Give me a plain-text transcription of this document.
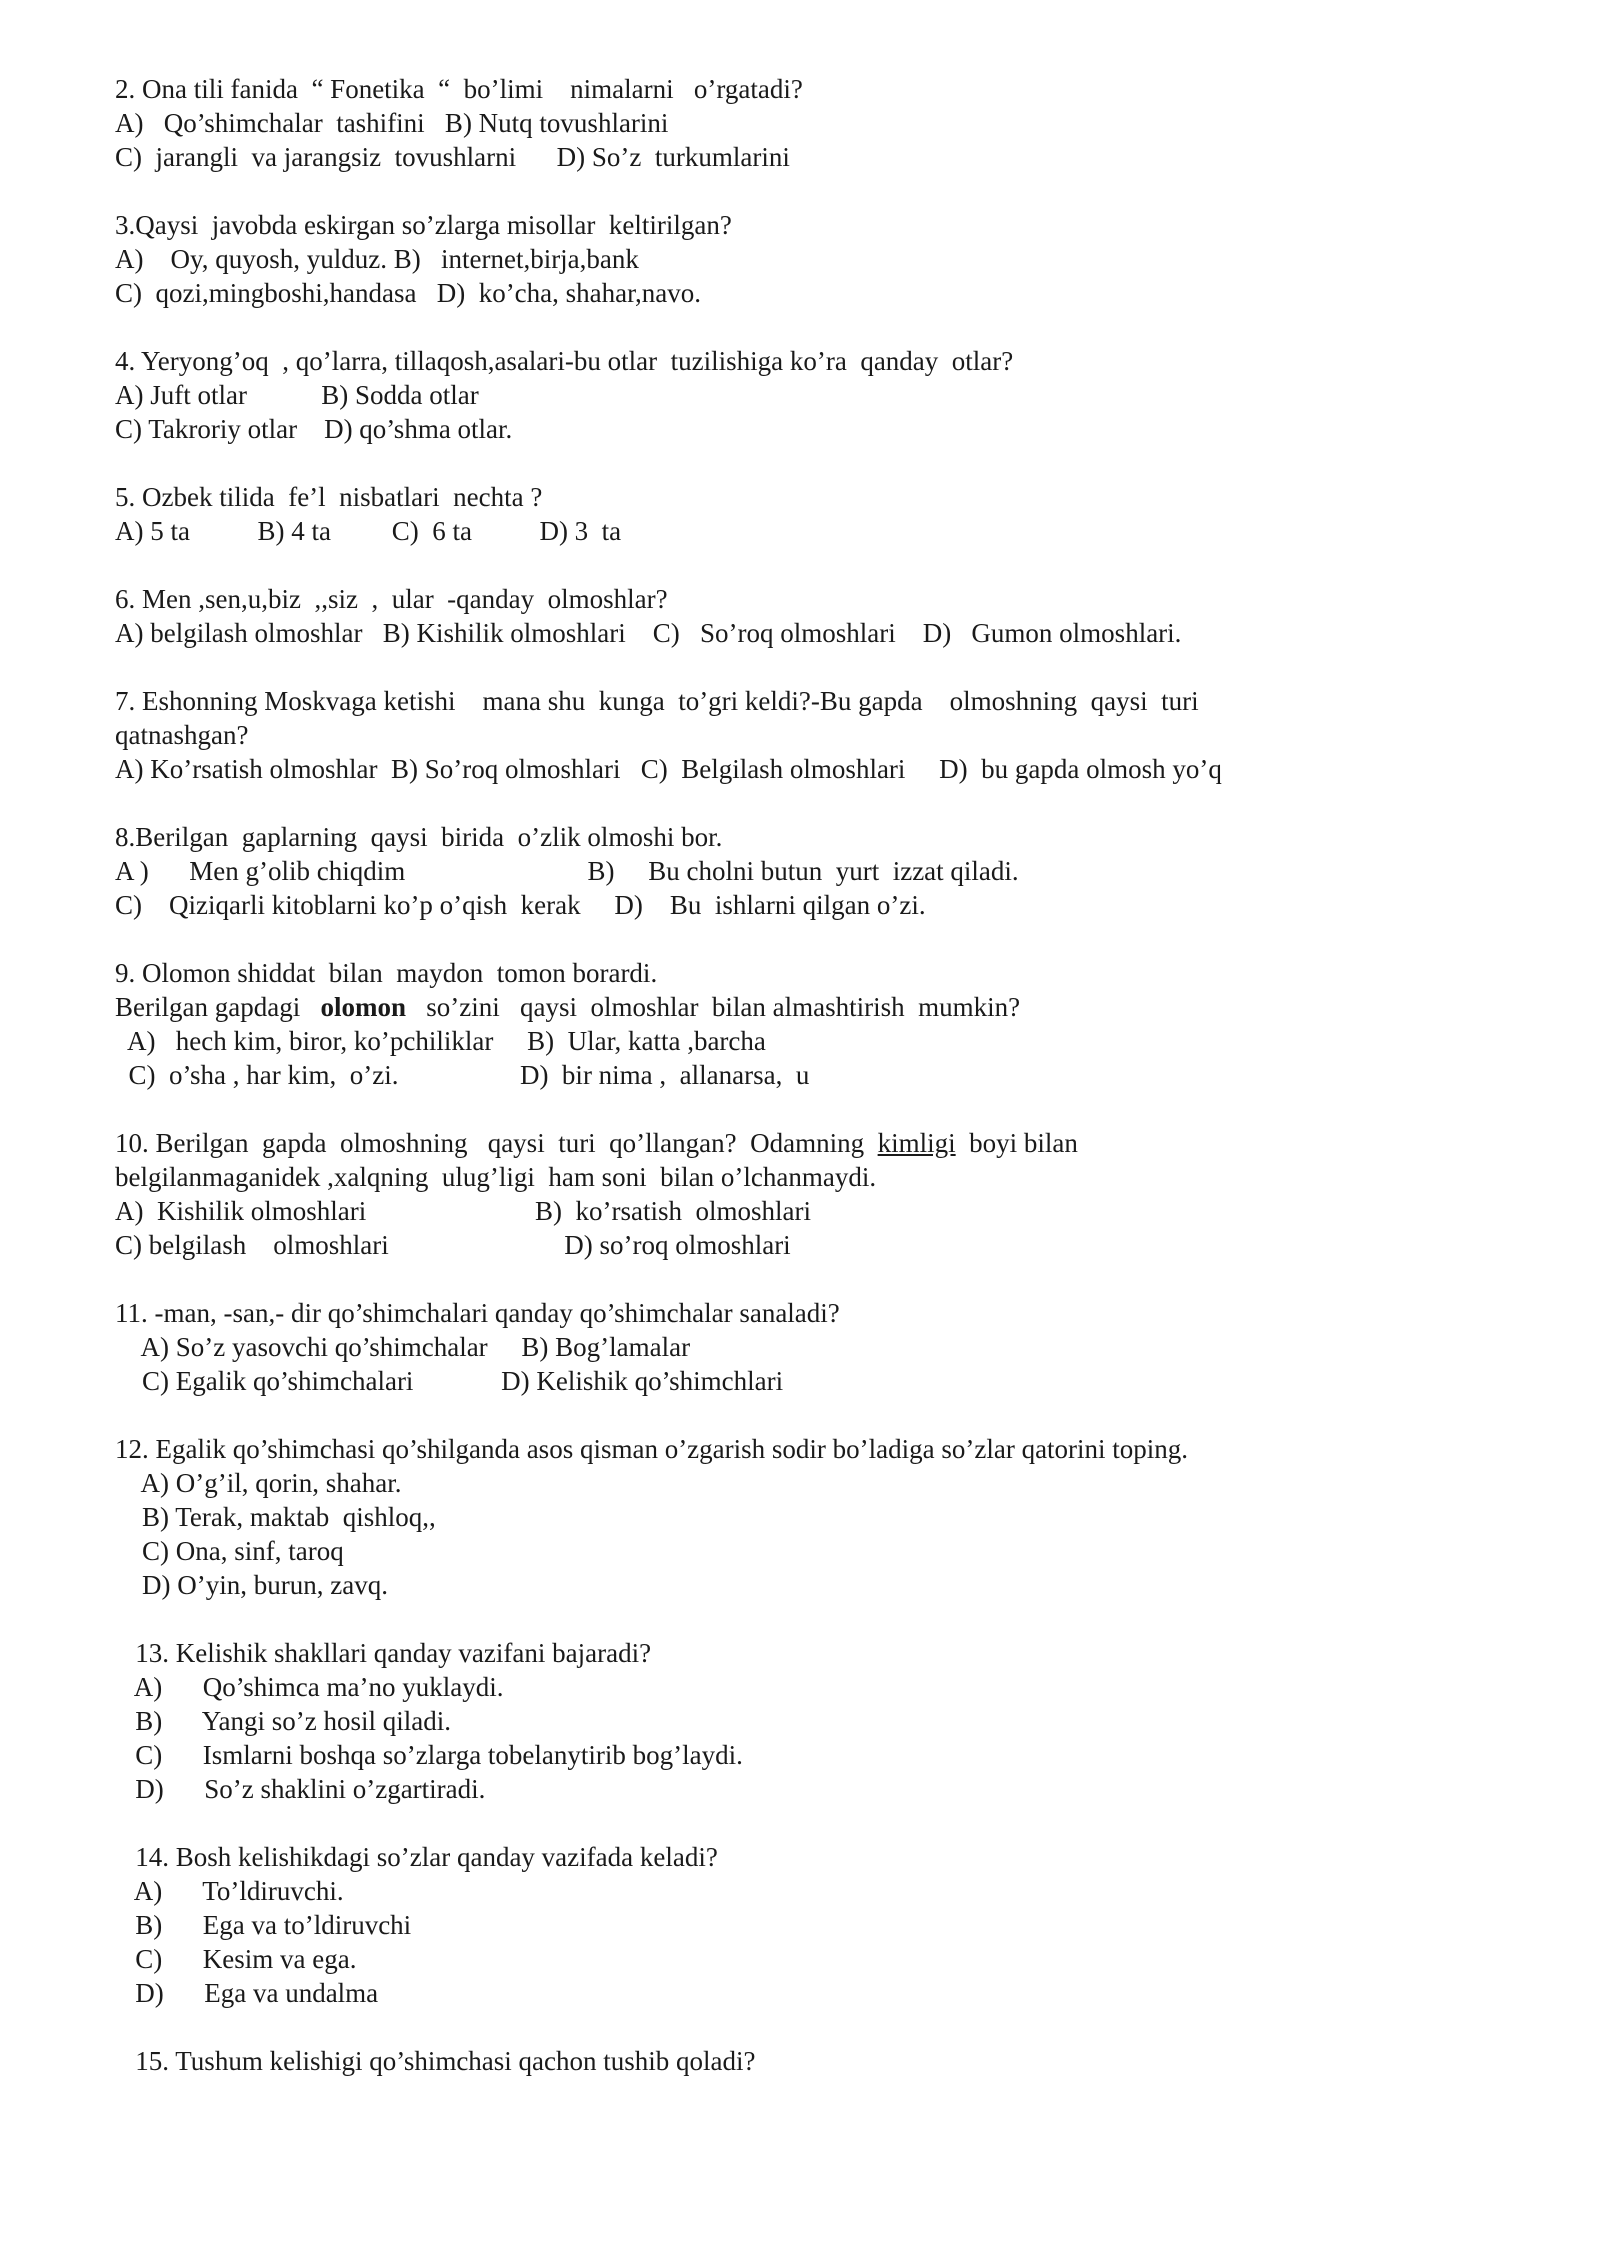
2. Ona tili fanida  “ Fonetika  “  bo’limi    nimalarni   o’rgatadi?
A)   Qo’shimchalar  tashifini   B) Nutq tovushlarini
C)  jarangli  va jarangsiz  tovushlarni      D) So’z  turkumlarini
3.Qaysi  javobda eskirgan so’zlarga misollar  keltirilgan?
A)    Oy, quyosh, yulduz. B)   internet,birja,bank
C)  qozi,mingboshi,handasa   D)  ko’cha, shahar,navo.
4. Yeryong’oq  , qo’larra, tillaqosh,asalari-bu otlar  tuzilishiga ko’ra  qanday  otlar?
A) Juft otlar           B) Sodda otlar
C) Takroriy otlar    D) qo’shma otlar.
5. Ozbek tilida  fe’l  nisbatlari  nechta ?
A) 5 ta          B) 4 ta         C)  6 ta          D) 3  ta
6. Men ,sen,u,biz  ,,siz  ,  ular  -qanday  olmoshlar?
A) belgilash olmoshlar   B) Kishilik olmoshlari    C)   So’roq olmoshlari    D)   Gumon olmoshlari.
7. Eshonning Moskvaga ketishi    mana shu  kunga  to’gri keldi?-Bu gapda    olmoshning  qaysi  turi
qatnashgan?
A) Ko’rsatish olmoshlar  B) So’roq olmoshlari   C)  Belgilash olmoshlari     D)  bu gapda olmosh yo’q
8.Berilgan  gaplarning  qaysi  birida  o’zlik olmoshi bor.
A )      Men g’olib chiqdim                           B)     Bu cholni butun  yurt  izzat qiladi.
C)    Qiziqarli kitoblarni ko’p o’qish  kerak     D)    Bu  ishlarni qilgan o’zi.
9. Olomon shiddat  bilan  maydon  tomon borardi.
Berilgan gapdagi   olomon   so’zini   qaysi  olmoshlar  bilan almashtirish  mumkin?
A)   hech kim, biror, ko’pchiliklar     B)  Ular, katta ,barcha
C)  o’sha , har kim,  o’zi.                  D)  bir nima ,  allanarsa,  u
10. Berilgan  gapda  olmoshning   qaysi  turi  qo’llangan?  Odamning  kimligi  boyi bilan
belgilanmaganidek ,xalqning  ulug’ligi  ham soni  bilan o’lchanmaydi.
A)  Kishilik olmoshlari                         B)  ko’rsatish  olmoshlari
C) belgilash    olmoshlari                          D) so’roq olmoshlari
11. -man, -san,- dir qo’shimchalari qanday qo’shimchalar sanaladi?
A) So’z yasovchi qo’shimchalar     B) Bog’lamalar
C) Egalik qo’shimchalari             D) Kelishik qo’shimchlari
12. Egalik qo’shimchasi qo’shilganda asos qisman o’zgarish sodir bo’ladiga so’zlar qatorini toping.
A) O’g’il, qorin, shahar.
B) Terak, maktab  qishloq,,
C) Ona, sinf, taroq
D) O’yin, burun, zavq.
13. Kelishik shakllari qanday vazifani bajaradi?
A)      Qo’shimca ma’no yuklaydi.
B)      Yangi so’z hosil qiladi.
C)      Ismlarni boshqa so’zlarga tobelanytirib bog’laydi.
D)      So’z shaklini o’zgartiradi.
14. Bosh kelishikdagi so’zlar qanday vazifada keladi?
A)      To’ldiruvchi.
B)      Ega va to’ldiruvchi
C)      Kesim va ega.
D)      Ega va undalma
15. Tushum kelishigi qo’shimchasi qachon tushib qoladi?
